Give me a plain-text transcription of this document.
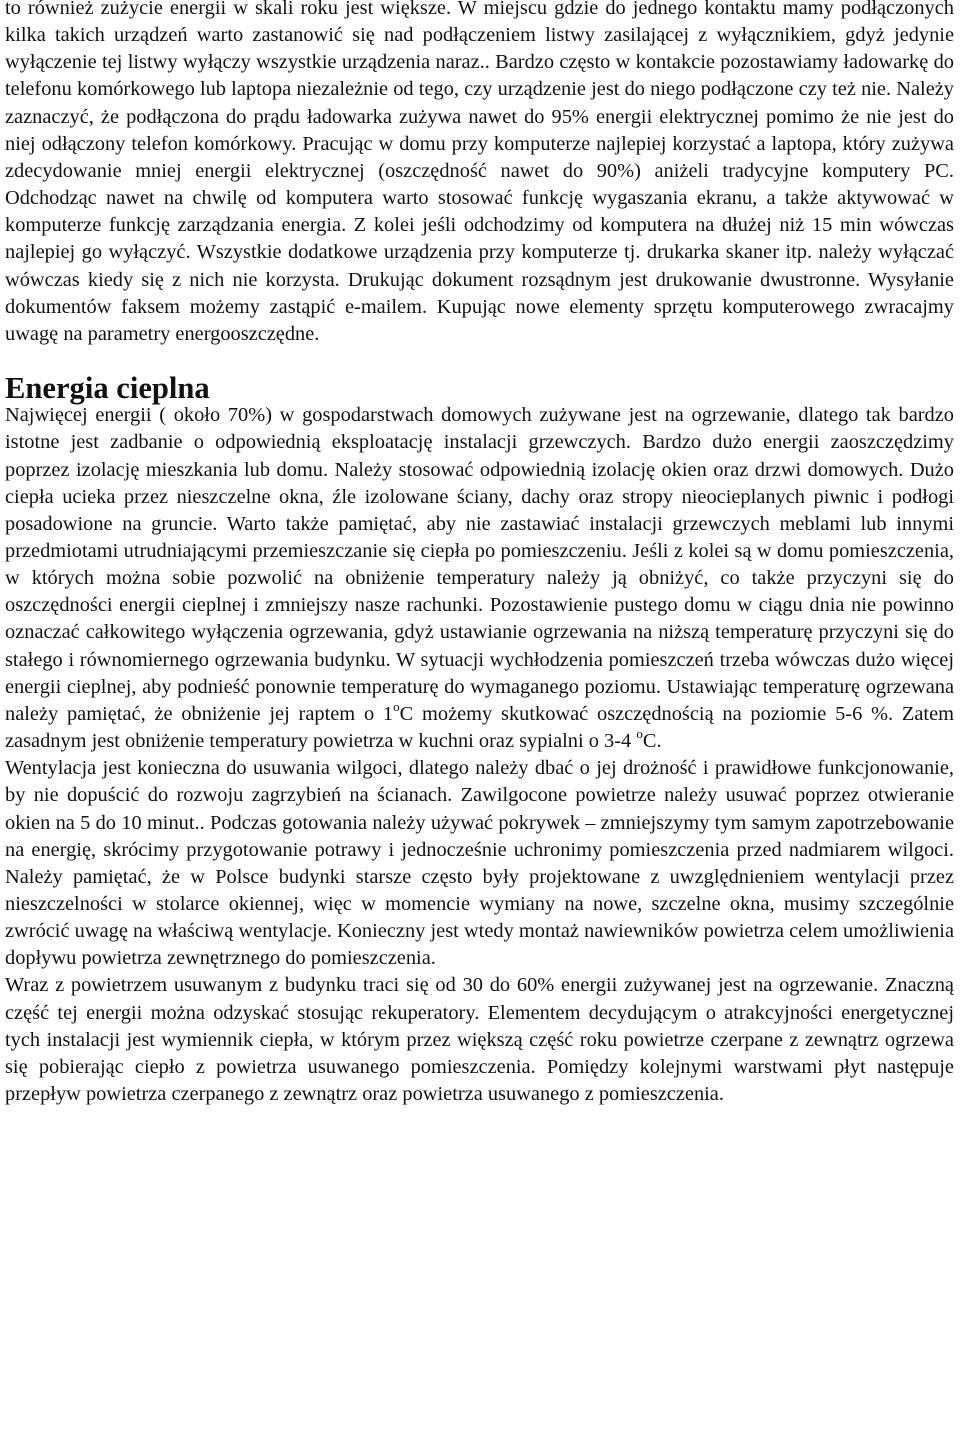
to również zużycie energii w skali roku jest większe. W miejscu gdzie do jednego kontaktu mamy podłączonych kilka takich urządzeń warto zastanowić się nad podłączeniem listwy zasilającej z wyłącznikiem, gdyż jedynie wyłączenie tej listwy wyłączy wszystkie urządzenia naraz.. Bardzo często w kontakcie pozostawiamy ładowarkę do telefonu komórkowego lub laptopa niezależnie od tego, czy urządzenie jest do niego podłączone czy też nie. Należy zaznaczyć, że podłączona do prądu ładowarka zużywa nawet do 95% energii elektrycznej pomimo że nie jest do niej odłączony telefon komórkowy. Pracując w domu przy komputerze najlepiej korzystać a laptopa, który zużywa zdecydowanie mniej energii elektrycznej (oszczędność nawet do 90%) aniżeli tradycyjne komputery PC. Odchodząc nawet na chwilę od komputera warto stosować funkcję wygaszania ekranu, a także aktywować w komputerze funkcję zarządzania energia. Z kolei jeśli odchodzimy od komputera na dłużej niż 15 min wówczas najlepiej go wyłączyć. Wszystkie dodatkowe urządzenia przy komputerze tj. drukarka skaner itp. należy wyłączać wówczas kiedy się z nich nie korzysta. Drukując dokument rozsądnym jest drukowanie dwustronne. Wysyłanie dokumentów faksem możemy zastąpić e-mailem. Kupując nowe elementy sprzętu komputerowego zwracajmy uwagę na parametry energooszczędne.

Energia cieplna

Najwięcej energii ( około 70%) w gospodarstwach domowych zużywane jest na ogrzewanie, dlatego tak bardzo istotne jest zadbanie o odpowiednią eksploatację instalacji grzewczych. Bardzo dużo energii zaoszczędzimy poprzez izolację mieszkania lub domu. Należy stosować odpowiednią izolację okien oraz drzwi domowych. Dużo ciepła ucieka przez nieszczelne okna, źle izolowane ściany, dachy oraz stropy nieocieplanych piwnic i podłogi posadowione na gruncie. Warto także pamiętać, aby nie zastawiać instalacji grzewczych meblami lub innymi przedmiotami utrudniającymi przemieszczanie się ciepła po pomieszczeniu. Jeśli z kolei są w domu pomieszczenia, w których można sobie pozwolić na obniżenie temperatury należy ją obniżyć, co także przyczyni się do oszczędności energii cieplnej i zmniejszy nasze rachunki. Pozostawienie pustego domu w ciągu dnia nie powinno oznaczać całkowitego wyłączenia ogrzewania, gdyż ustawianie ogrzewania na niższą temperaturę przyczyni się do stałego i równomiernego ogrzewania budynku. W sytuacji wychłodzenia pomieszczeń trzeba wówczas dużo więcej energii cieplnej, aby podnieść ponownie temperaturę do wymaganego poziomu. Ustawiając temperaturę ogrzewana należy pamiętać, że obniżenie jej raptem o 1$^o$C możemy skutkować oszczędnością na poziomie 5-6 %. Zatem zasadnym jest obniżenie temperatury powietrza w kuchni oraz sypialni o 3-4 $^o$C.

Wentylacja jest konieczna do usuwania wilgoci, dlatego należy dbać o jej drożność i prawidłowe funkcjonowanie, by nie dopuścić do rozwoju zagrzybień na ścianach. Zawilgocone powietrze należy usuwać poprzez otwieranie okien na 5 do 10 minut.. Podczas gotowania należy używać pokrywek – zmniejszymy tym samym zapotrzebowanie na energię, skrócimy przygotowanie potrawy i jednocześnie uchronimy pomieszczenia przed nadmiarem wilgoci. Należy pamiętać, że w Polsce budynki starsze często były projektowane z uwzględnieniem wentylacji przez nieszczelności w stolarce okiennej, więc w momencie wymiany na nowe, szczelne okna, musimy szczególnie zwrócić uwagę na właściwą wentylacje. Konieczny jest wtedy montaż nawiewników powietrza celem umożliwienia dopływu powietrza zewnętrznego do pomieszczenia.

Wraz z powietrzem usuwanym z budynku traci się od 30 do 60% energii zużywanej jest na ogrzewanie. Znaczną część tej energii można odzyskać stosując rekuperatory. Elementem decydującym o atrakcyjności energetycznej tych instalacji jest wymiennik ciepła, w którym przez większą część roku powietrze czerpane z zewnątrz ogrzewa się pobierając ciepło z powietrza usuwanego pomieszczenia. Pomiędzy kolejnymi warstwami płyt następuje przepływ powietrza czerpanego z zewnątrz oraz powietrza usuwanego z pomieszczenia.
